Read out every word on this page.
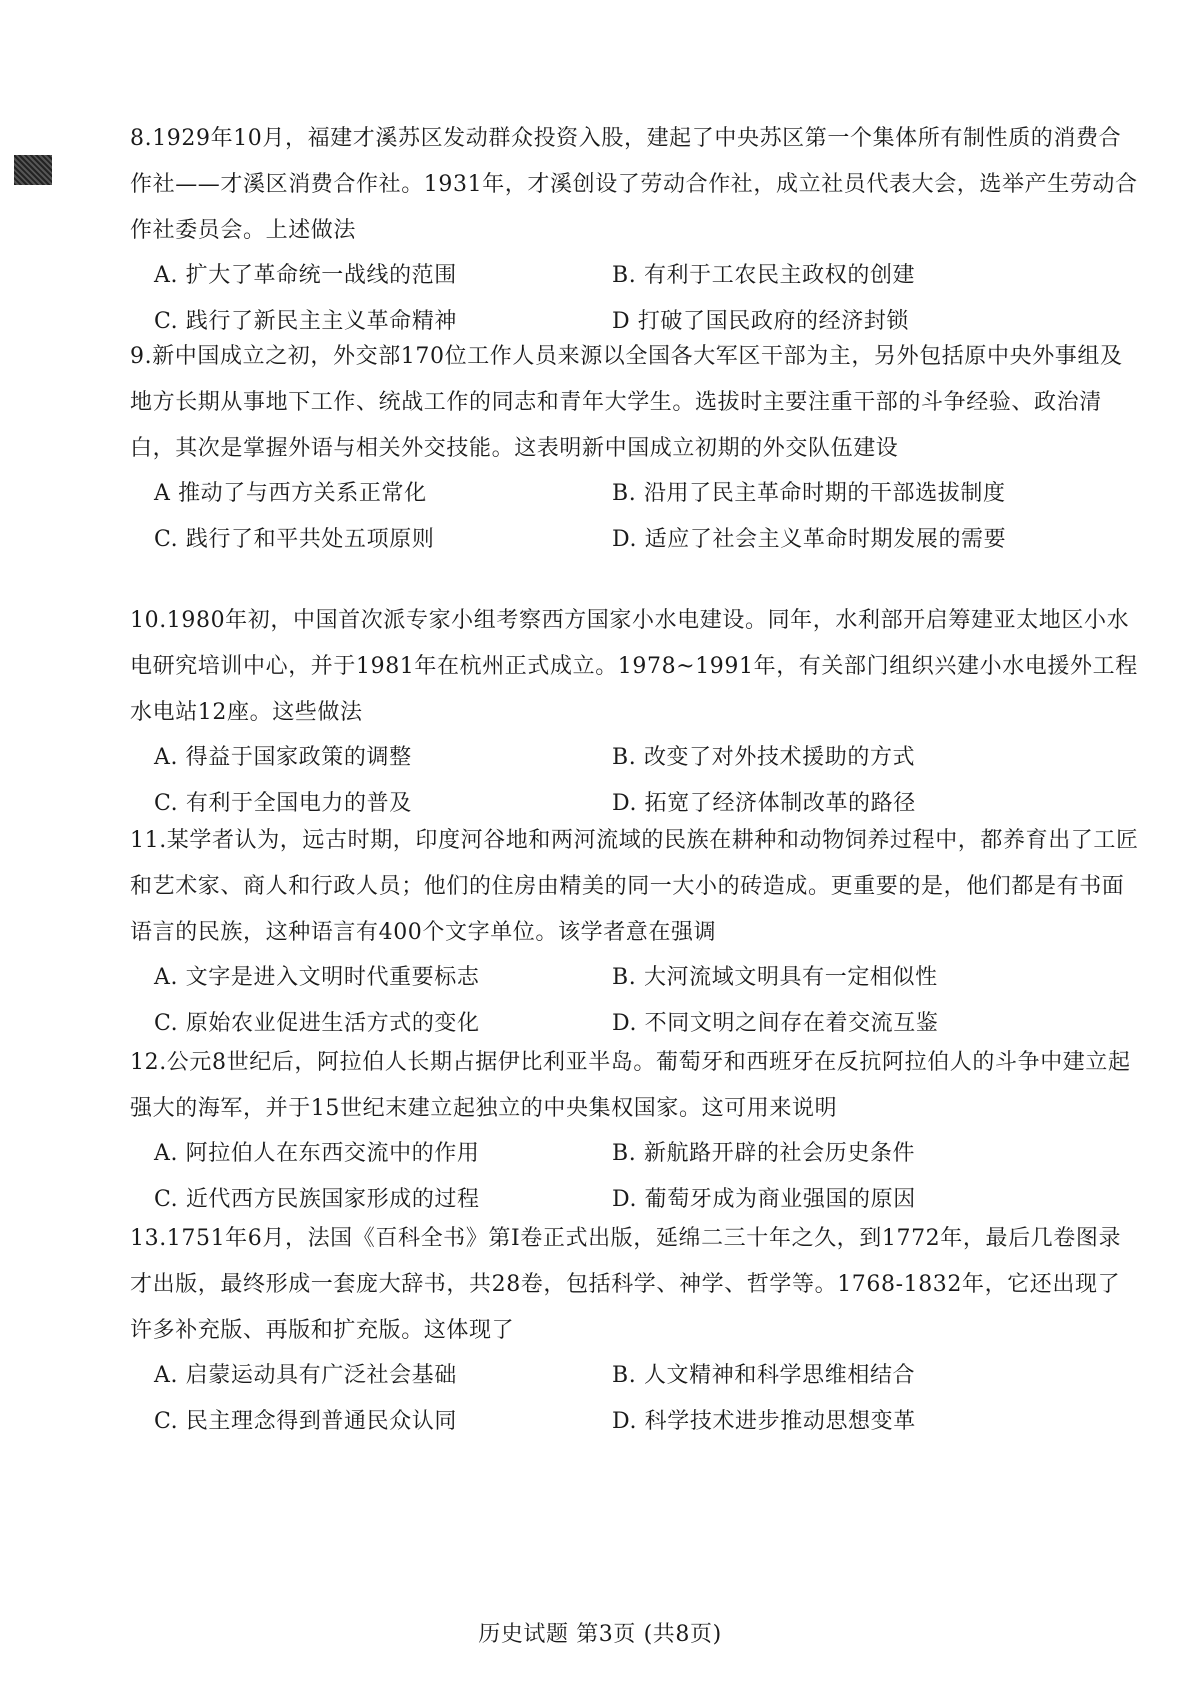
8.1929年10月，福建才溪苏区发动群众投资入股，建起了中央苏区第一个集体所有制性质的消费合作社——才溪区消费合作社。1931年，才溪创设了劳动合作社，成立社员代表大会，选举产生劳动合作社委员会。上述做法

A. 扩大了革命统一战线的范围	B. 有利于工农民主政权的创建
C. 践行了新民主主义革命精神	D 打破了国民政府的经济封锁

9.新中国成立之初，外交部170位工作人员来源以全国各大军区干部为主，另外包括原中央外事组及地方长期从事地下工作、统战工作的同志和青年大学生。选拔时主要注重干部的斗争经验、政治清白，其次是掌握外语与相关外交技能。这表明新中国成立初期的外交队伍建设

A 推动了与西方关系正常化	B. 沿用了民主革命时期的干部选拔制度
C. 践行了和平共处五项原则	D. 适应了社会主义革命时期发展的需要

10.1980年初，中国首次派专家小组考察西方国家小水电建设。同年，水利部开启筹建亚太地区小水电研究培训中心，并于1981年在杭州正式成立。1978~1991年，有关部门组织兴建小水电援外工程水电站12座。这些做法

A. 得益于国家政策的调整	B. 改变了对外技术援助的方式
C. 有利于全国电力的普及	D. 拓宽了经济体制改革的路径

11.某学者认为，远古时期，印度河谷地和两河流域的民族在耕种和动物饲养过程中，都养育出了工匠和艺术家、商人和行政人员；他们的住房由精美的同一大小的砖造成。更重要的是，他们都是有书面语言的民族，这种语言有400个文字单位。该学者意在强调

A. 文字是进入文明时代重要标志	B. 大河流域文明具有一定相似性
C. 原始农业促进生活方式的变化	D. 不同文明之间存在着交流互鉴

12.公元8世纪后，阿拉伯人长期占据伊比利亚半岛。葡萄牙和西班牙在反抗阿拉伯人的斗争中建立起强大的海军，并于15世纪末建立起独立的中央集权国家。这可用来说明

A. 阿拉伯人在东西交流中的作用	B. 新航路开辟的社会历史条件
C. 近代西方民族国家形成的过程	D. 葡萄牙成为商业强国的原因

13.1751年6月，法国《百科全书》第I卷正式出版，延绵二三十年之久，到1772年，最后几卷图录才出版，最终形成一套庞大辞书，共28卷，包括科学、神学、哲学等。1768-1832年，它还出现了许多补充版、再版和扩充版。这体现了

A. 启蒙运动具有广泛社会基础	B. 人文精神和科学思维相结合
C. 民主理念得到普通民众认同	D. 科学技术进步推动思想变革
历史试题 第3页 (共8页)
